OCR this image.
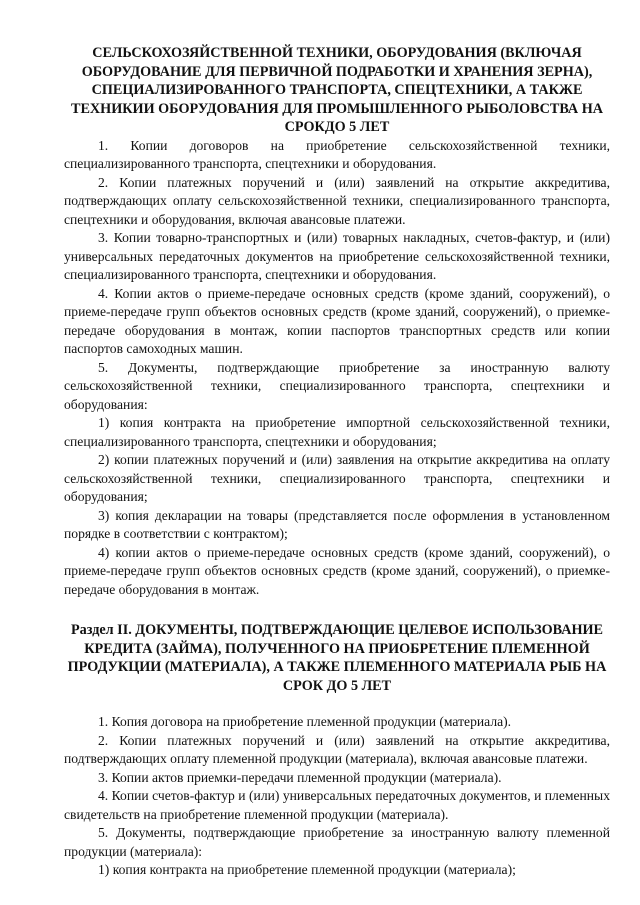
СЕЛЬСКОХОЗЯЙСТВЕННОЙ ТЕХНИКИ, ОБОРУДОВАНИЯ (ВКЛЮЧАЯ ОБОРУДОВАНИЕ ДЛЯ ПЕРВИЧНОЙ ПОДРАБОТКИ И ХРАНЕНИЯ ЗЕРНА), СПЕЦИАЛИЗИРОВАННОГО ТРАНСПОРТА, СПЕЦТЕХНИКИ, А ТАКЖЕ ТЕХНИКИИ ОБОРУДОВАНИЯ ДЛЯ ПРОМЫШЛЕННОГО РЫБОЛОВСТВА НА СРОКДО 5 ЛЕТ

1. Копии договоров на приобретение сельскохозяйственной техники, специализированного транспорта, спецтехники и оборудования.

2. Копии платежных поручений и (или) заявлений на открытие аккредитива, подтверждающих оплату сельскохозяйственной техники, специализированного транспорта, спецтехники и оборудования, включая авансовые платежи.

3. Копии товарно-транспортных и (или) товарных накладных, счетов-фактур, и (или) универсальных передаточных документов на приобретение сельскохозяйственной техники, специализированного транспорта, спецтехники и оборудования.

4. Копии актов о приеме-передаче основных средств (кроме зданий, сооружений), о приеме-передаче групп объектов основных средств (кроме зданий, сооружений), о приемке-передаче оборудования в монтаж, копии паспортов транспортных средств или копии паспортов самоходных машин.

5. Документы, подтверждающие приобретение за иностранную валюту сельскохозяйственной техники, специализированного транспорта, спецтехники и оборудования:

1) копия контракта на приобретение импортной сельскохозяйственной техники, специализированного транспорта, спецтехники и оборудования;

2) копии платежных поручений и (или) заявления на открытие аккредитива на оплату сельскохозяйственной техники, специализированного транспорта, спецтехники и оборудования;

3) копия декларации на товары (представляется после оформления в установленном порядке в соответствии с контрактом);

4) копии актов о приеме-передаче основных средств (кроме зданий, сооружений), о приеме-передаче групп объектов основных средств (кроме зданий, сооружений), о приемке-передаче оборудования в монтаж.

Раздел II. ДОКУМЕНТЫ, ПОДТВЕРЖДАЮЩИЕ ЦЕЛЕВОЕ ИСПОЛЬЗОВАНИЕ КРЕДИТА (ЗАЙМА), ПОЛУЧЕННОГО НА ПРИОБРЕТЕНИЕ ПЛЕМЕННОЙ ПРОДУКЦИИ (МАТЕРИАЛА), А ТАКЖЕ ПЛЕМЕННОГО МАТЕРИАЛА РЫБ НА СРОК ДО 5 ЛЕТ

1. Копия договора на приобретение племенной продукции (материала).

2. Копии платежных поручений и (или) заявлений на открытие аккредитива, подтверждающих оплату племенной продукции (материала), включая авансовые платежи.

3. Копии актов приемки-передачи племенной продукции (материала).

4. Копии счетов-фактур и (или) универсальных передаточных документов, и племенных свидетельств на приобретение племенной продукции (материала).

5. Документы, подтверждающие приобретение за иностранную валюту племенной продукции (материала):

1) копия контракта на приобретение племенной продукции (материала);
